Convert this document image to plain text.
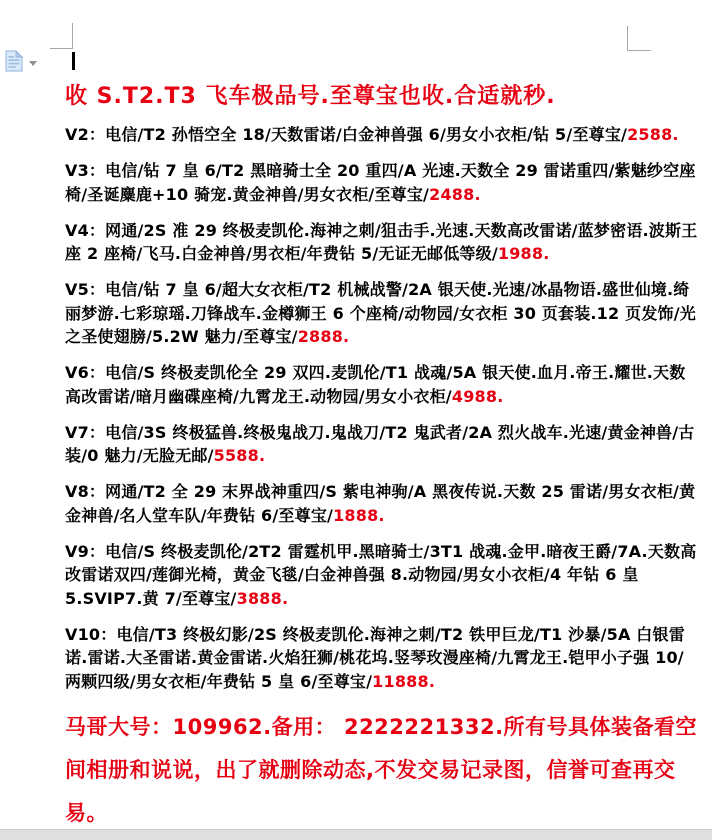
收 S.T2.T3 飞车极品号.至尊宝也收.合适就秒.

V2：电信/T2 孙悟空全 18/天数雷诺/白金神兽强 6/男女小衣柜/钻 5/至尊宝/2588.

V3：电信/钻 7 皇 6/T2 黑暗骑士全 20 重四/A 光速.天数全 29 雷诺重四/紫魅纱空座椅/圣诞麋鹿+10 骑宠.黄金神兽/男女衣柜/至尊宝/2488.

V4：网通/2S 准 29 终极麦凯伦.海神之刺/狙击手.光速.天数高改雷诺/蓝梦密语.波斯王座 2 座椅/飞马.白金神兽/男衣柜/年费钻 5/无证无邮低等级/1988.

V5：电信/钻 7 皇 6/超大女衣柜/T2 机械战警/2A 银天使.光速/冰晶物语.盛世仙境.绮丽梦游.七彩琼瑶.刀锋战车.金樽狮王 6 个座椅/动物园/女衣柜 30 页套装.12 页发饰/光之圣使翅膀/5.2W 魅力/至尊宝/2888.

V6：电信/S 终极麦凯伦全 29 双四.麦凯伦/T1 战魂/5A 银天使.血月.帝王.耀世.天数高改雷诺/暗月幽碟座椅/九霄龙王.动物园/男女小衣柜/4988.

V7：电信/3S 终极猛兽.终极鬼战刀.鬼战刀/T2 鬼武者/2A 烈火战车.光速/黄金神兽/古装/0 魅力/无脸无邮/5588.

V8：网通/T2 全 29 末界战神重四/S 紫电神驹/A 黑夜传说.天数 25 雷诺/男女衣柜/黄金神兽/名人堂车队/年费钻 6/至尊宝/1888.

V9：电信/S 终极麦凯伦/2T2 雷霆机甲.黑暗骑士/3T1 战魂.金甲.暗夜王爵/7A.天数高改雷诺双四/莲御光椅，黄金飞毯/白金神兽强 8.动物园/男女小衣柜/4 年钻 6 皇 5.SVIP7.黄 7/至尊宝/3888.

V10：电信/T3 终极幻影/2S 终极麦凯伦.海神之刺/T2 铁甲巨龙/T1 沙暴/5A 白银雷诺.雷诺.大圣雷诺.黄金雷诺.火焰狂狮/桃花坞.竖琴玫漫座椅/九霄龙王.铠甲小子强 10/两颗四级/男女衣柜/年费钻 5 皇 6/至尊宝/11888.

马哥大号：109962.备用： 2222221332.所有号具体装备看空间相册和说说，出了就删除动态,不发交易记录图，信誉可查再交易。
